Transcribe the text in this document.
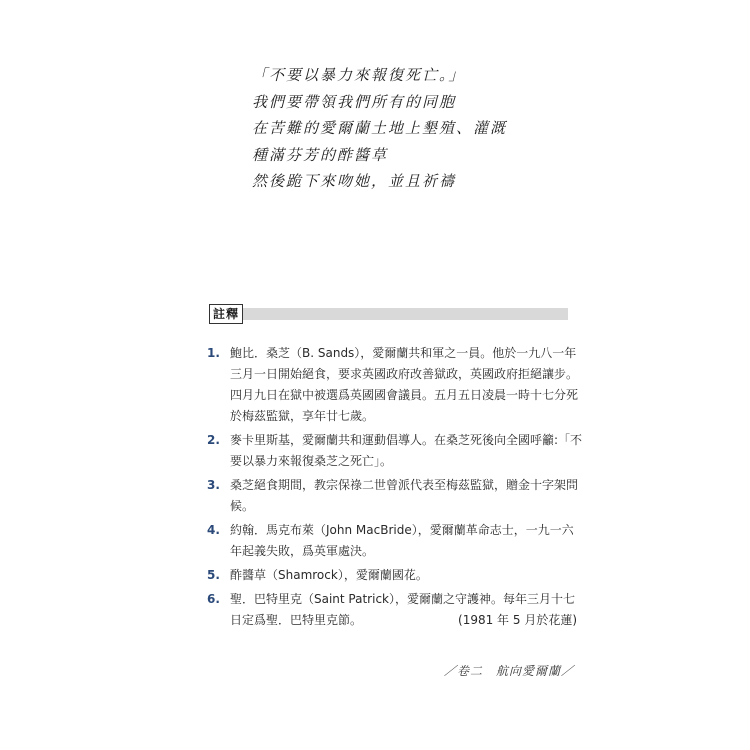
「不要以暴力來報復死亡。」
我們要帶領我們所有的同胞
在苦難的愛爾蘭土地上墾殖、灌溉
種滿芬芳的酢醬草
然後跪下來吻她，並且祈禱
註釋
1. 鮑比．桑芝（B. Sands），愛爾蘭共和軍之一員。他於一九八一年
三月一日開始絕食，要求英國政府改善獄政，英國政府拒絕讓步。
四月九日在獄中被選爲英國國會議員。五月五日凌晨一時十七分死
於梅茲監獄，享年廿七歲。
2. 麥卡里斯基，愛爾蘭共和運動倡導人。在桑芝死後向全國呼籲:「不
要以暴力來報復桑芝之死亡」。
3. 桑芝絕食期間，教宗保祿二世曾派代表至梅茲監獄，贈金十字架問
候。
4. 約翰．馬克布萊（John MacBride），愛爾蘭革命志士，一九一六
年起義失敗，爲英軍處決。
5. 酢醬草（Shamrock），愛爾蘭國花。
6. 聖．巴特里克（Saint Patrick），愛爾蘭之守護神。每年三月十七
日定爲聖．巴特里克節。	(1981 年 5 月於花蓮)
／卷二　航向愛爾蘭／
